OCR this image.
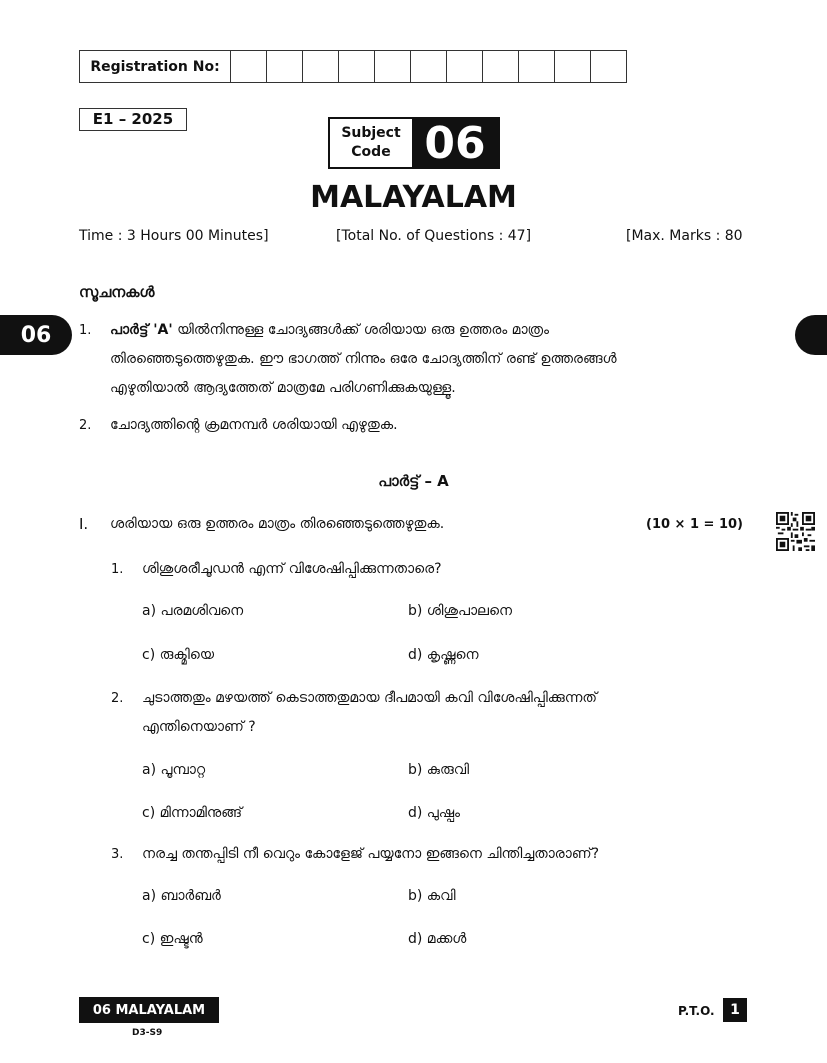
Registration No:
E1 – 2025
Subject
Code 06
MALAYALAM
Time : 3 Hours 00 Minutes]	[Total No. of Questions : 47]	[Max. Marks : 80
സൂചനകൾ
06	1. പാർട്ട് 'A' യിൽനിന്നുള്ള ചോദ്യങ്ങൾക്ക് ശരിയായ ഒരു ഉത്തരം മാത്രം
തിരഞ്ഞെടുത്തെഴുതുക. ഈ ഭാഗത്ത് നിന്നും ഒരേ ചോദ്യത്തിന് രണ്ട് ഉത്തരങ്ങൾ
എഴുതിയാൽ ആദ്യത്തേത് മാത്രമേ പരിഗണിക്കുകയുള്ളൂ.
2. ചോദ്യത്തിന്റെ ക്രമനമ്പർ ശരിയായി എഴുതുക.
പാർട്ട് – A
I. ശരിയായ ഒരു ഉത്തരം മാത്രം തിരഞ്ഞെടുത്തെഴുതുക.	(10 × 1 = 10)
1. ശിശുശരീചൂഡൻ എന്ന് വിശേഷിപ്പിക്കുന്നതാരെ?
a) പരമശിവനെ	b) ശിശുപാലനെ
c) രുക്മിയെ	d) കൃഷ്ണനെ
2. ചുടാത്തതും മഴയത്ത് കെടാത്തതുമായ ദീപമായി കവി വിശേഷിപ്പിക്കുന്നത്
എന്തിനെയാണ് ?
a) പൂമ്പാറ്റ	b) കുരുവി
c) മിന്നാമിനുങ്ങ്	d) പുഷ്പം
3. നരച്ച തന്തപ്പിടി നീ വെറും കോളേജ് പയ്യനോ ഇങ്ങനെ ചിന്തിച്ചതാരാണ്?
a) ബാർബർ	b) കവി
c) ഇഷ്ടൻ	d) മക്കൾ
06 MALAYALAM
D3-S9
P.T.O.	1
